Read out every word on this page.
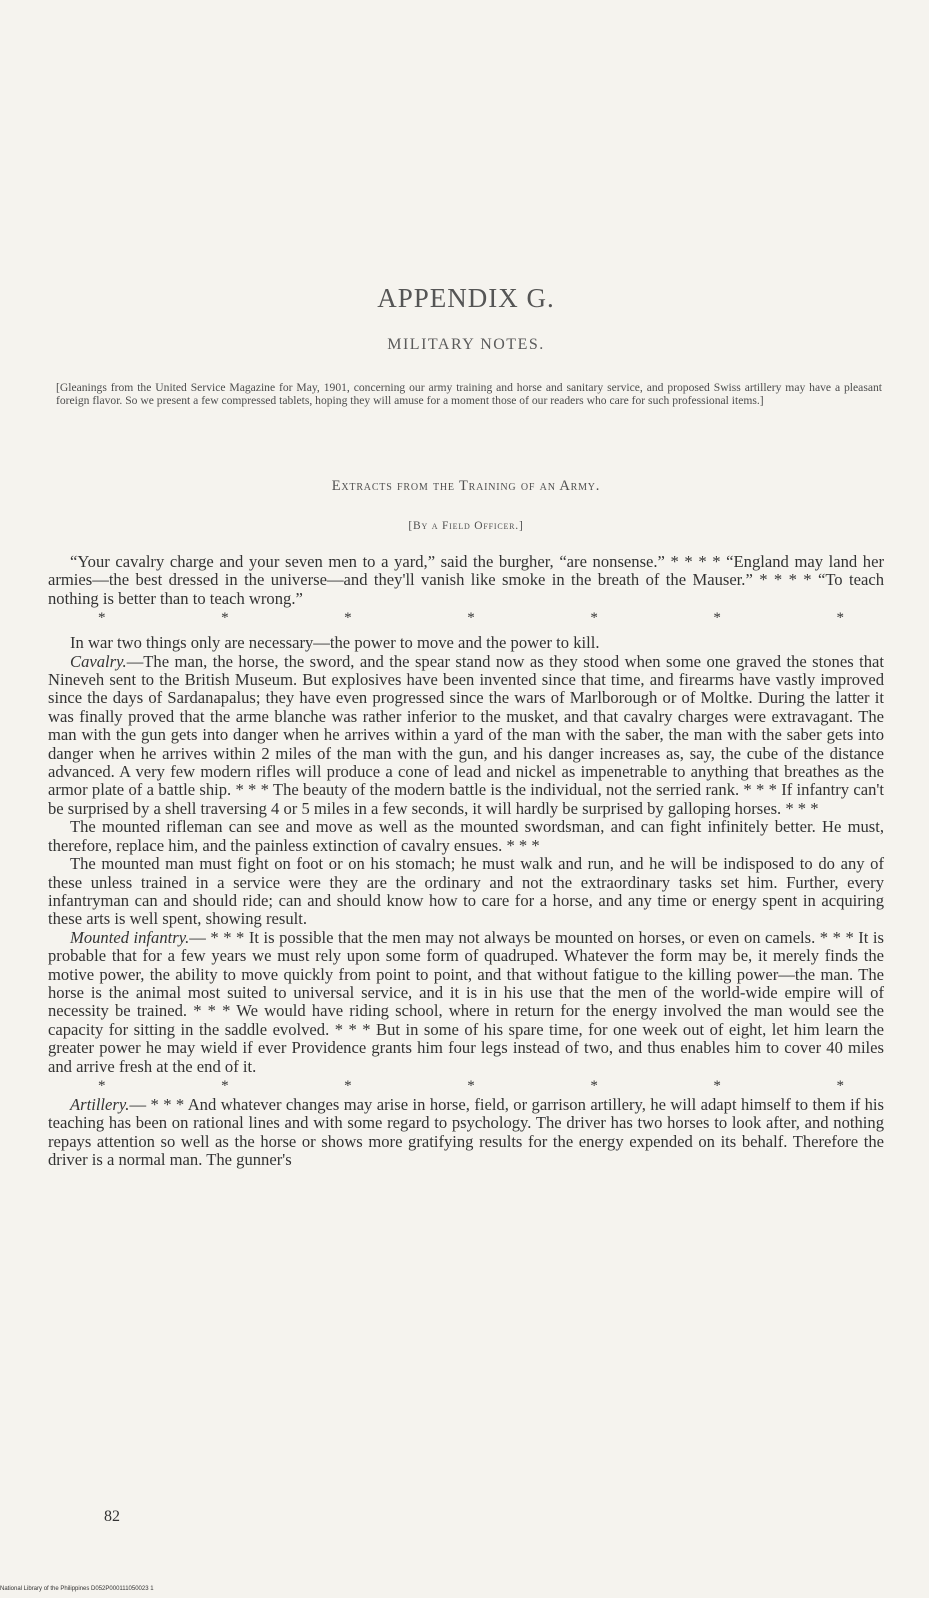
APPENDIX G.
MILITARY NOTES.
[Gleanings from the United Service Magazine for May, 1901, concerning our army training and horse and sanitary service, and proposed Swiss artillery may have a pleasant foreign flavor. So we present a few compressed tablets, hoping they will amuse for a moment those of our readers who care for such professional items.]
Extracts from the Training of an Army.
[By a Field Officer.]

“Your cavalry charge and your seven men to a yard,” said the burgher, “are nonsense.” * * * * “England may land her armies—the best dressed in the universe—and they'll vanish like smoke in the breath of the Mauser.” * * * * “To teach nothing is better than to teach wrong.”

*	*	*	*	*	*	*

In war two things only are necessary—the power to move and the power to kill.

Cavalry.—The man, the horse, the sword, and the spear stand now as they stood when some one graved the stones that Nineveh sent to the British Museum. But explosives have been invented since that time, and firearms have vastly improved since the days of Sardanapalus; they have even progressed since the wars of Marlborough or of Moltke. During the latter it was finally proved that the arme blanche was rather inferior to the musket, and that cavalry charges were extravagant. The man with the gun gets into danger when he arrives within a yard of the man with the saber, the man with the saber gets into danger when he arrives within 2 miles of the man with the gun, and his danger increases as, say, the cube of the distance advanced. A very few modern rifles will produce a cone of lead and nickel as impenetrable to anything that breathes as the armor plate of a battle ship. * * * The beauty of the modern battle is the individual, not the serried rank. * * * If infantry can't be surprised by a shell traversing 4 or 5 miles in a few seconds, it will hardly be surprised by galloping horses. * * *

The mounted rifleman can see and move as well as the mounted swordsman, and can fight infinitely better. He must, therefore, replace him, and the painless extinction of cavalry ensues. * * *

The mounted man must fight on foot or on his stomach; he must walk and run, and he will be indisposed to do any of these unless trained in a service were they are the ordinary and not the extraordinary tasks set him. Further, every infantryman can and should ride; can and should know how to care for a horse, and any time or energy spent in acquiring these arts is well spent, showing result.

Mounted infantry.— * * * It is possible that the men may not always be mounted on horses, or even on camels. * * * It is probable that for a few years we must rely upon some form of quadruped. Whatever the form may be, it merely finds the motive power, the ability to move quickly from point to point, and that without fatigue to the killing power—the man. The horse is the animal most suited to universal service, and it is in his use that the men of the world-wide empire will of necessity be trained. * * * We would have riding school, where in return for the energy involved the man would see the capacity for sitting in the saddle evolved. * * * But in some of his spare time, for one week out of eight, let him learn the greater power he may wield if ever Providence grants him four legs instead of two, and thus enables him to cover 40 miles and arrive fresh at the end of it.

*	*	*	*	*	*	*

Artillery.— * * * And whatever changes may arise in horse, field, or garrison artillery, he will adapt himself to them if his teaching has been on rational lines and with some regard to psychology. The driver has two horses to look after, and nothing repays attention so well as the horse or shows more gratifying results for the energy expended on its behalf. Therefore the driver is a normal man. The gunner's

82
National Library of the Philippines D052P000111050023 1
